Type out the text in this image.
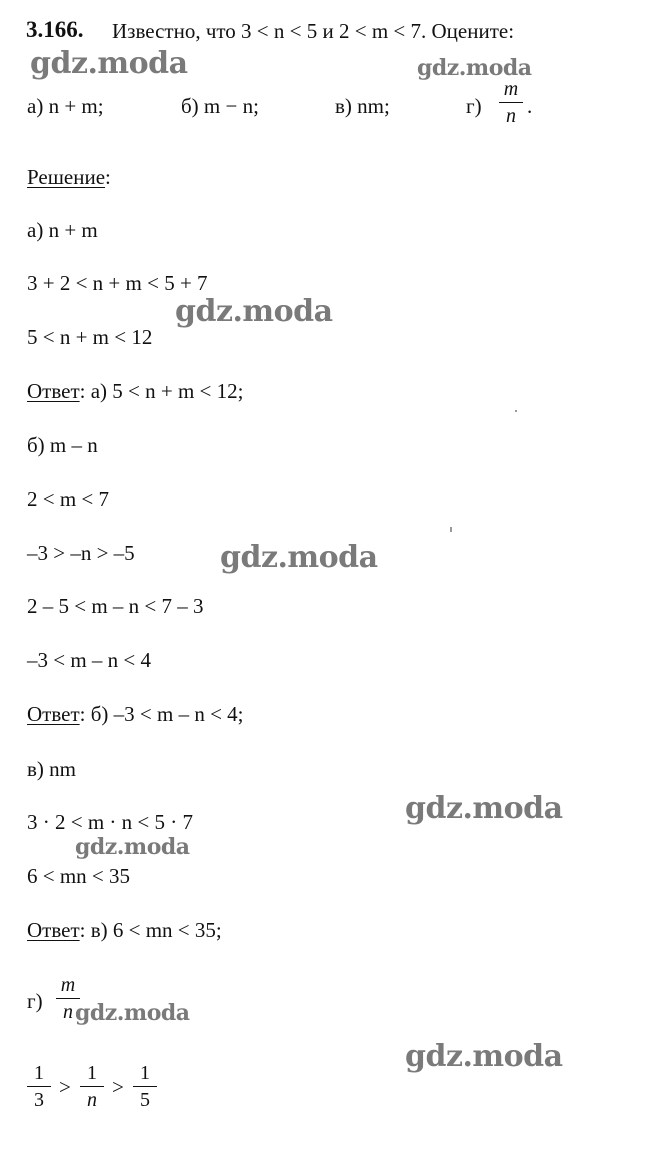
3.166. Известно, что 3 < n < 5 и 2 < m < 7. Оцените:
а) n + m;	б) m − n;	в) nm;	г)
m
n .
Решение:
а) n + m
3 + 2 < n + m < 5 + 7
5 < n + m < 12
Ответ: а) 5 < n + m < 12;
б) m – n
2 < m < 7
–3 > –n > –5
2 – 5 < m – n < 7 – 3
–3 < m – n < 4
Ответ: б) –3 < m – n < 4;
в) nm
3 · 2 < m · n < 5 · 7
6 < mn < 35
Ответ: в) 6 < mn < 35;
г)
m
n
1
3
>
1
n
>
1
5
gdz.moda	gdz.moda
gdz.moda
gdz.moda
gdz.moda
gdz.moda
gdz.moda
gdz.moda
